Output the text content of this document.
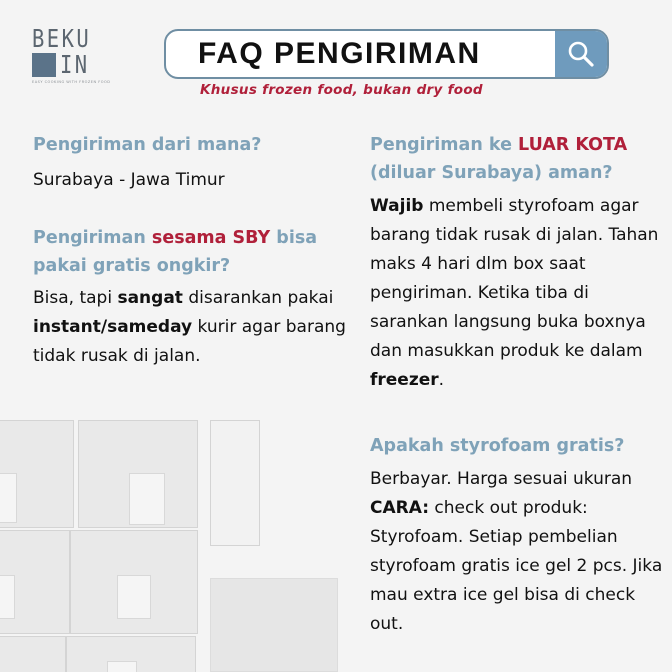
BEKU
IN
EASY COOKING WITH FROZEN FOOD
FAQ PENGIRIMAN
Khusus frozen food, bukan dry food
Pengiriman dari mana?
Surabaya - Jawa Timur
Pengiriman sesama SBY bisa pakai gratis ongkir?
Bisa, tapi sangat disarankan pakai instant/sameday kurir agar barang tidak rusak di jalan.
Pengiriman ke LUAR KOTA (diluar Surabaya) aman?
Wajib membeli styrofoam agar barang tidak rusak di jalan. Tahan maks 4 hari dlm box saat pengiriman. Ketika tiba di sarankan langsung buka boxnya dan masukkan produk ke dalam freezer.
Apakah styrofoam gratis?
Berbayar. Harga sesuai ukuran CARA: check out produk: Styrofoam. Setiap pembelian styrofoam gratis ice gel 2 pcs. Jika mau extra ice gel bisa di check out.
